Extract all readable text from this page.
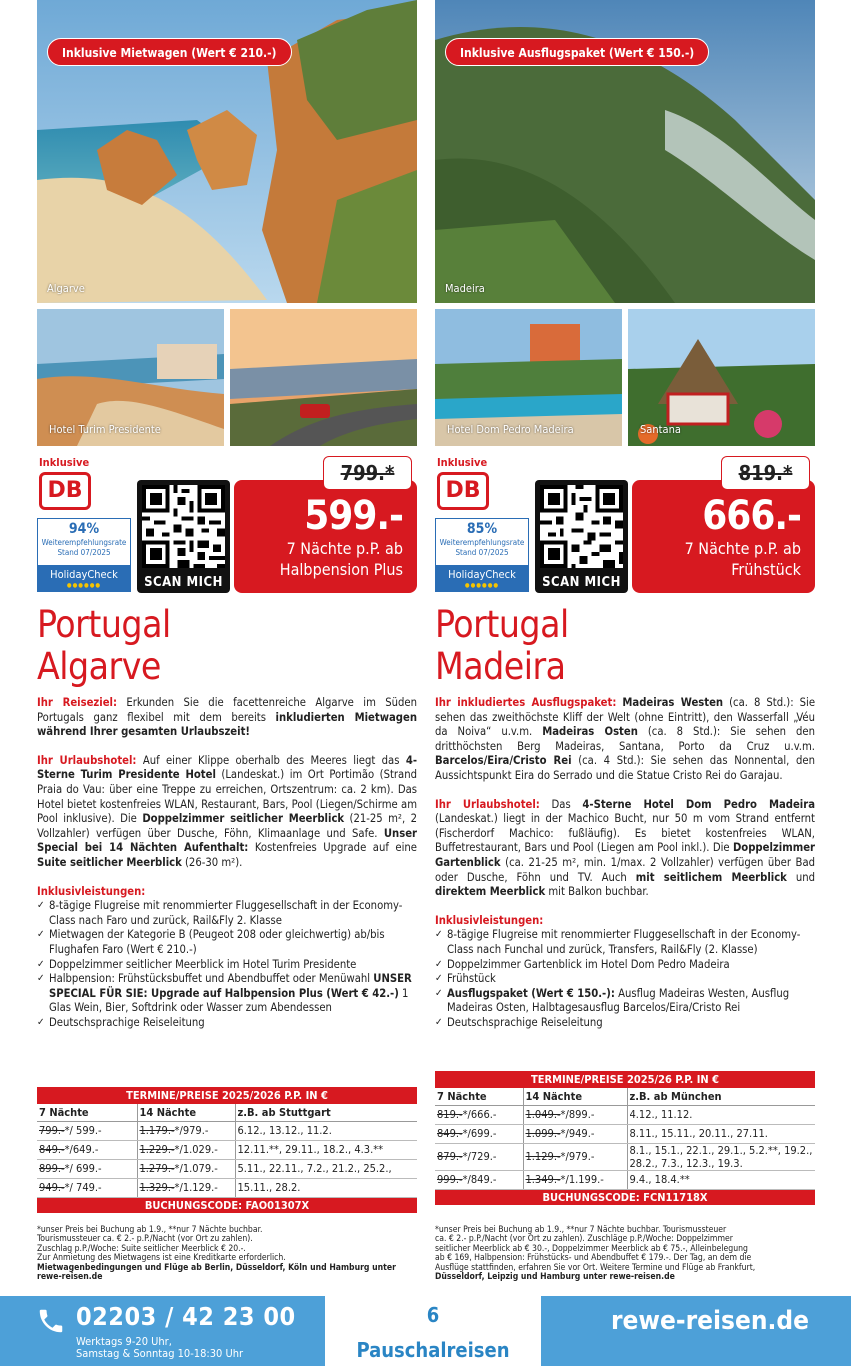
Inklusive Mietwagen (Wert € 210.-)
Algarve
Hotel Turim Presidente
Inklusive
DB
94%
Weiterempfehlungsrate
Stand 07/2025
HolidayCheck
●●●●●●	SCAN MICH
599.-
7 Nächte p.P. ab
Halbpension Plus
799.*
Portugal
Algarve

Ihr Reiseziel: Erkunden Sie die facettenreiche Algarve im Süden Portugals ganz flexibel mit dem bereits inkludierten Mietwagen während Ihrer gesamten Urlaubszeit!

Ihr Urlaubshotel: Auf einer Klippe oberhalb des Meeres liegt das 4-Sterne Turim Presidente Hotel (Landeskat.) im Ort Portimão (Strand Praia do Vau: über eine Treppe zu erreichen, Ortszentrum: ca. 2 km). Das Hotel bietet kostenfreies WLAN, Restaurant, Bars, Pool (Liegen/Schirme am Pool inklusive). Die Doppelzimmer seitlicher Meerblick (21-25 m², 2 Vollzahler) verfügen über Dusche, Föhn, Klimaanlage und Safe. Unser Special bei 14 Nächten Aufenthalt: Kostenfreies Upgrade auf eine Suite seitlicher Meerblick (26-30 m²).

Inklusivleistungen:

✓ 8-tägige Flugreise mit renommierter Fluggesellschaft in der Economy-Class nach Faro und zurück, Rail&Fly 2. Klasse
✓ Mietwagen der Kategorie B (Peugeot 208 oder gleichwertig) ab/bis Flughafen Faro (Wert € 210.-)
✓ Doppelzimmer seitlicher Meerblick im Hotel Turim Presidente
✓ Halbpension: Frühstücksbuffet und Abendbuffet oder Menüwahl UNSER SPECIAL FÜR SIE: Upgrade auf Halbpension Plus (Wert € 42.-) 1 Glas Wein, Bier, Softdrink oder Wasser zum Abendessen
✓ Deutschsprachige Reiseleitung
TERMINE/PREISE 2025/2026 P.P. IN €		
7 Nächte	14 Nächte	z.B. ab Stuttgart
799.-*/ 599.-	1.179.-*/979.-	6.12., 13.12., 11.2.
849.-*/649.-	1.229.-*/1.029.-	12.11.**, 29.11., 18.2., 4.3.**
899.-*/ 699.-	1.279.-*/1.079.-	5.11., 22.11., 7.2., 21.2., 25.2.,
949.-*/ 749.-	1.329.-*/1.129.-	15.11., 28.2.
BUCHUNGSCODE: FAO01307X		
*unser Preis bei Buchung ab 1.9., **nur 7 Nächte buchbar.
Tourismussteuer ca. € 2.- p.P./Nacht (vor Ort zu zahlen).
Zuschlag p.P./Woche: Suite seitlicher Meerblick € 20.-.
Zur Anmietung des Mietwagens ist eine Kreditkarte erforderlich.
Mietwagenbedingungen und Flüge ab Berlin, Düsseldorf, Köln und Hamburg unter
rewe-reisen.de
Inklusive Ausflugspaket (Wert € 150.-)
Madeira
Hotel Dom Pedro Madeira	Santana
Inklusive
DB
85%
Weiterempfehlungsrate
Stand 07/2025
HolidayCheck
●●●●●●	SCAN MICH
666.-
7 Nächte p.P. ab
Frühstück
819.*
Portugal
Madeira

Ihr inkludiertes Ausflugspaket: Madeiras Westen (ca. 8 Std.): Sie sehen das zweithöchste Kliff der Welt (ohne Eintritt), den Wasserfall „Véu da Noiva“ u.v.m. Madeiras Osten (ca. 8 Std.): Sie sehen den dritthöchsten Berg Madeiras, Santana, Porto da Cruz u.v.m. Barcelos/Eira/Cristo Rei (ca. 4 Std.): Sie sehen das Nonnental, den Aussichtspunkt Eira do Serrado und die Statue Cristo Rei do Garajau.

Ihr Urlaubshotel: Das 4-Sterne Hotel Dom Pedro Madeira (Landeskat.) liegt in der Machico Bucht, nur 50 m vom Strand entfernt (Fischerdorf Machico: fußläufig). Es bietet kostenfreies WLAN, Buffetrestaurant, Bars und Pool (Liegen am Pool inkl.). Die Doppelzimmer Gartenblick (ca. 21-25 m², min. 1/max. 2 Vollzahler) verfügen über Bad oder Dusche, Föhn und TV. Auch mit seitlichem Meerblick und direktem Meerblick mit Balkon buchbar.

Inklusivleistungen:

✓ 8-tägige Flugreise mit renommierter Fluggesellschaft in der Economy-Class nach Funchal und zurück, Transfers, Rail&Fly (2. Klasse)
✓ Doppelzimmer Gartenblick im Hotel Dom Pedro Madeira
✓ Frühstück
✓ Ausflugspaket (Wert € 150.-): Ausflug Madeiras Westen, Ausflug Madeiras Osten, Halbtagesausflug Barcelos/Eira/Cristo Rei
✓ Deutschsprachige Reiseleitung
TERMINE/PREISE 2025/26 P.P. IN €		
7 Nächte	14 Nächte	z.B. ab München
819.-*/666.-	1.049.-*/899.-	4.12., 11.12.
849.-*/699.-	1.099.-*/949.-	8.11., 15.11., 20.11., 27.11.
879.-*/729.-	1.129.-*/979.-	8.1., 15.1., 22.1., 29.1., 5.2.**, 19.2., 28.2., 7.3., 12.3., 19.3.
999.-*/849.-	1.349.-*/1.199.-	9.4., 18.4.**
BUCHUNGSCODE: FCN11718X		
*unser Preis bei Buchung ab 1.9., **nur 7 Nächte buchbar. Tourismussteuer
ca. € 2.- p.P./Nacht (vor Ort zu zahlen). Zuschläge p.P./Woche: Doppelzimmer
seitlicher Meerblick ab € 30.-, Doppelzimmer Meerblick ab € 75.-, Alleinbelegung
ab € 169, Halbpension: Frühstücks- und Abendbuffet € 179.-. Der Tag, an dem die
Ausflüge stattfinden, erfahren Sie vor Ort. Weitere Termine und Flüge ab Frankfurt,
Düsseldorf, Leipzig und Hamburg unter rewe-reisen.de
02203 / 42 23 00
Werktags 9-20 Uhr,
Samstag & Sonntag 10-18:30 Uhr
6
Pauschalreisen
rewe-reisen.de
